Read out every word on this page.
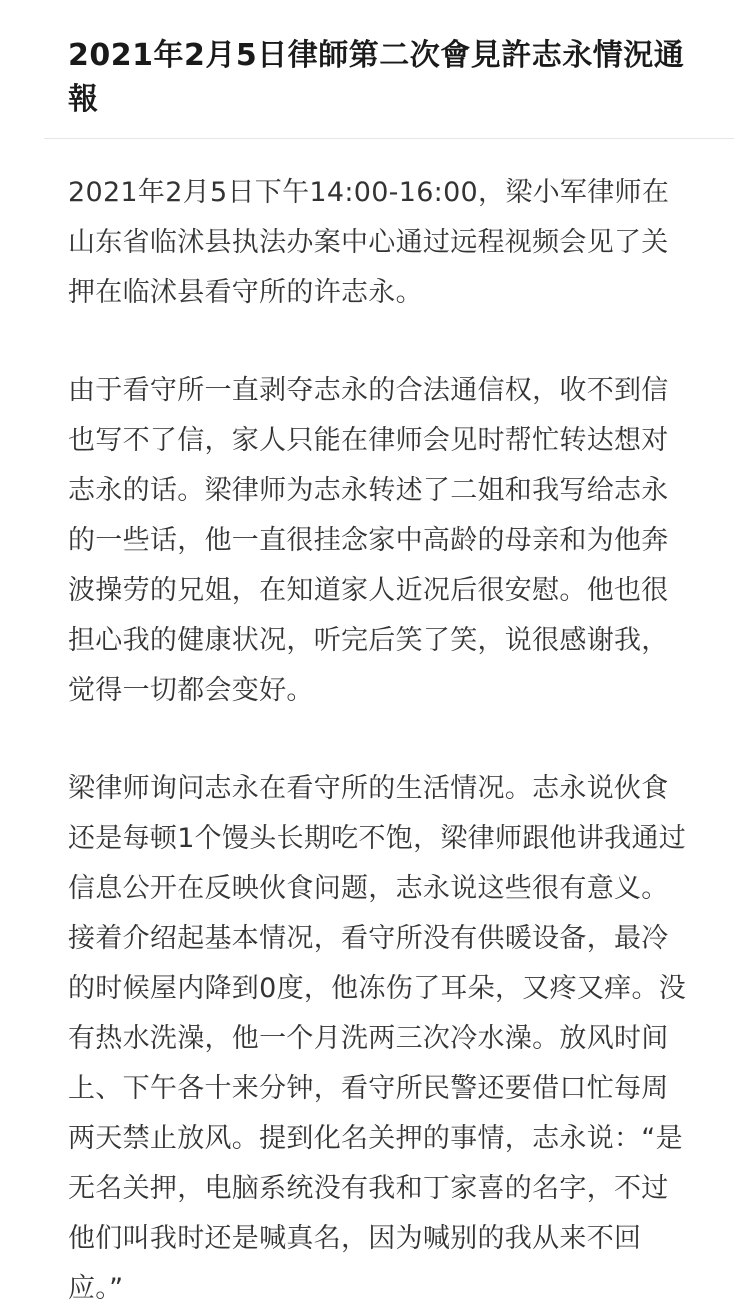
2021年2月5日律師第二次會見許志永情況通報

2021年2月5日下午14:00-16:00，梁小军律师在山东省临沭县执法办案中心通过远程视频会见了关押在临沭县看守所的许志永。

由于看守所一直剥夺志永的合法通信权，收不到信也写不了信，家人只能在律师会见时帮忙转达想对志永的话。梁律师为志永转述了二姐和我写给志永的一些话，他一直很挂念家中高龄的母亲和为他奔波操劳的兄姐，在知道家人近况后很安慰。他也很担心我的健康状况，听完后笑了笑，说很感谢我，觉得一切都会变好。

梁律师询问志永在看守所的生活情况。志永说伙食还是每顿1个馒头长期吃不饱，梁律师跟他讲我通过信息公开在反映伙食问题，志永说这些很有意义。接着介绍起基本情况，看守所没有供暖设备，最冷的时候屋内降到0度，他冻伤了耳朵，又疼又痒。没有热水洗澡，他一个月洗两三次冷水澡。放风时间上、下午各十来分钟，看守所民警还要借口忙每周两天禁止放风。提到化名关押的事情，志永说：“是无名关押，电脑系统没有我和丁家喜的名字，不过他们叫我时还是喊真名，因为喊别的我从来不回应。”
